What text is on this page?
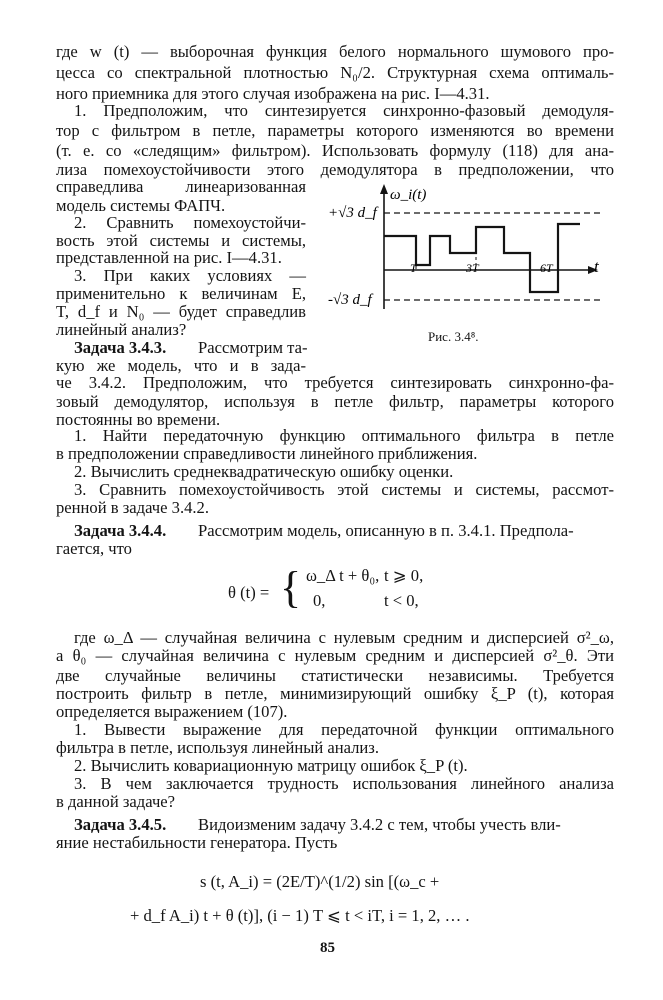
где w (t) — выборочная функция белого нормального шумового про-
цесса со спектральной плотностью N₀/2. Структурная схема оптималь-
ного приемника для этого случая изображена на рис. I—4.31.
1. Предположим, что синтезируется синхронно-фазовый демодуля-
тор с фильтром в петле, параметры которого изменяются во времени
(т. е. со «следящим» фильтром). Использовать формулу (118) для ана-
лиза помехоустойчивости этого демодулятора в предположении, что
справедлива линеаризованная
модель системы ФАПЧ.
2. Сравнить помехоустойчи-
вость этой системы и системы,
представленной на рис. I—4.31.
3. При каких условиях —
применительно к величинам E,
T, d_f и N₀ — будет справедлив
линейный анализ?
Задача 3.4.3. Рассмотрим та-
кую же модель, что и в зада-
ω_i(t)
t
+√3 d_f
-√3 d_f
T	3T	6T
Рис. 3.4⁸.
че 3.4.2. Предположим, что требуется синтезировать синхронно-фа-
зовый демодулятор, используя в петле фильтр, параметры которого
постоянны во времени.
1. Найти передаточную функцию оптимального фильтра в петле
в предположении справедливости линейного приближения.
2. Вычислить среднеквадратическую ошибку оценки.
3. Сравнить помехоустойчивость этой системы и системы, рассмот-
ренной в задаче 3.4.2.
Задача 3.4.4. Рассмотрим модель, описанную в п. 3.4.1. Предпола-
гается, что
θ (t) = { ω_Δ t + θ₀, t ⩾ 0,
0,	t < 0,
где ω_Δ — случайная величина с нулевым средним и дисперсией σ²_ω,
а θ₀ — случайная величина с нулевым средним и дисперсией σ²_θ. Эти
две случайные величины статистически независимы. Требуется
построить фильтр в петле, минимизирующий ошибку ξ_P (t), которая
определяется выражением (107).
1. Вывести выражение для передаточной функции оптимального
фильтра в петле, используя линейный анализ.
2. Вычислить ковариационную матрицу ошибок ξ_P (t).
3. В чем заключается трудность использования линейного анализа
в данной задаче?
Задача 3.4.5. Видоизменим задачу 3.4.2 с тем, чтобы учесть вли-
яние нестабильности генератора. Пусть
s (t, A_i) = (2E/T)^(1/2) sin [(ω_c +
+ d_f A_i) t + θ (t)], (i − 1) T ⩽ t < iT, i = 1, 2, … .
85
